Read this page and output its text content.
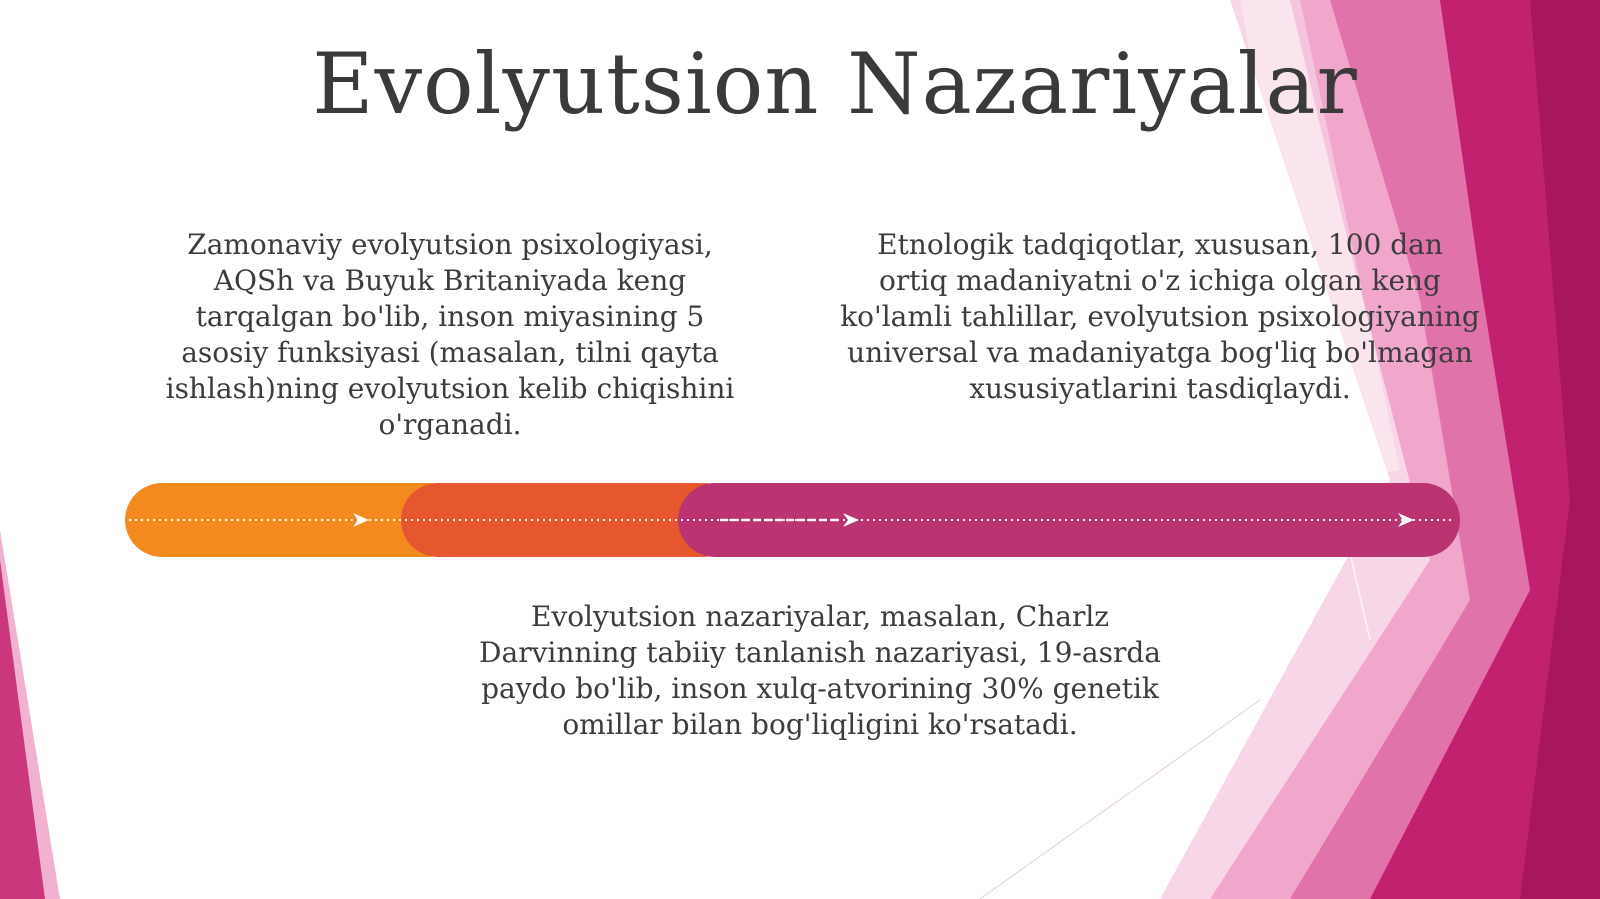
Evolyutsion Nazariyalar

Zamonaviy evolyutsion psixologiyasi, AQSh va Buyuk Britaniyada keng tarqalgan bo'lib, inson miyasining 5 asosiy funksiyasi (masalan, tilni qayta ishlash)ning evolyutsion kelib chiqishini o'rganadi.

Etnologik tadqiqotlar, xususan, 100 dan ortiq madaniyatni o'z ichiga olgan keng ko'lamli tahlillar, evolyutsion psixologiyaning universal va madaniyatga bog'liq bo'lmagan xususiyatlarini tasdiqlaydi.

Evolyutsion nazariyalar, masalan, Charlz Darvinning tabiiy tanlanish nazariyasi, 19-asrda paydo bo'lib, inson xulq-atvorining 30% genetik omillar bilan bog'liqligini ko'rsatadi.
